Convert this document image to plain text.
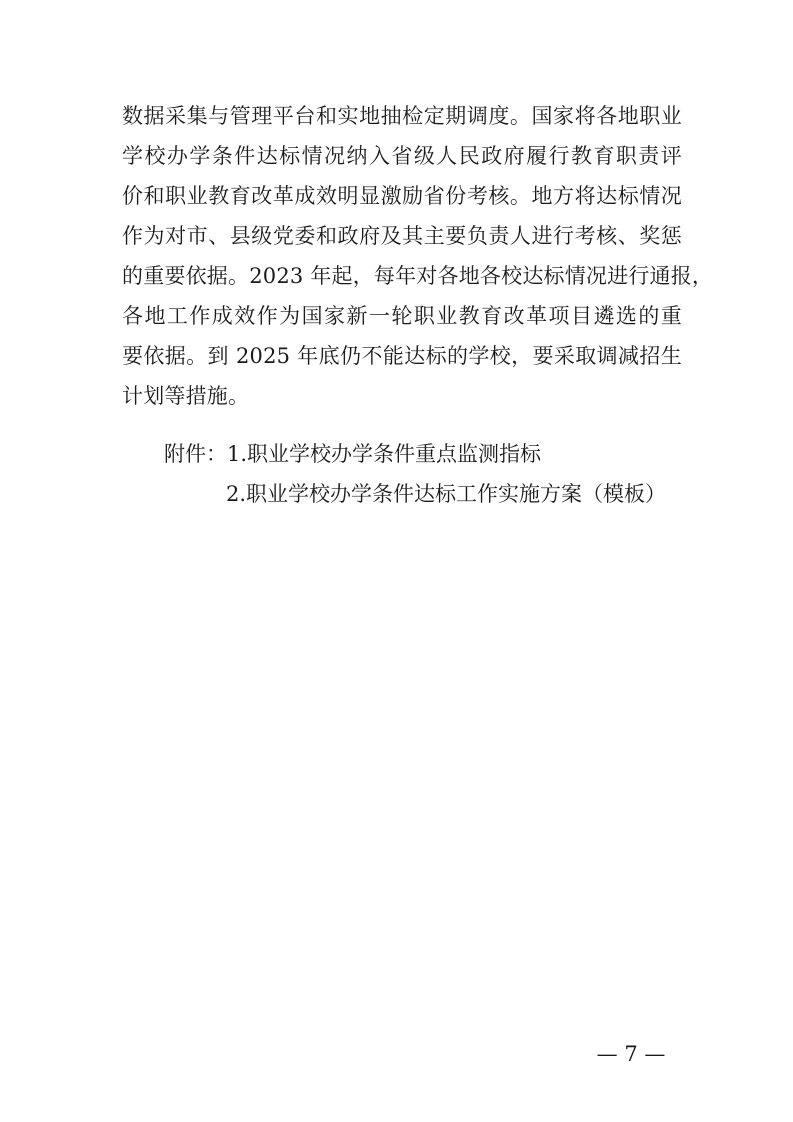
数据采集与管理平台和实地抽检定期调度。国家将各地职业
学校办学条件达标情况纳入省级人民政府履行教育职责评
价和职业教育改革成效明显激励省份考核。地方将达标情况
作为对市、县级党委和政府及其主要负责人进行考核、奖惩
的重要依据。2023 年起，每年对各地各校达标情况进行通报，
各地工作成效作为国家新一轮职业教育改革项目遴选的重
要依据。到 2025 年底仍不能达标的学校，要采取调减招生
计划等措施。
附件：1.职业学校办学条件重点监测指标
2.职业学校办学条件达标工作实施方案（模板）
— 7 —
